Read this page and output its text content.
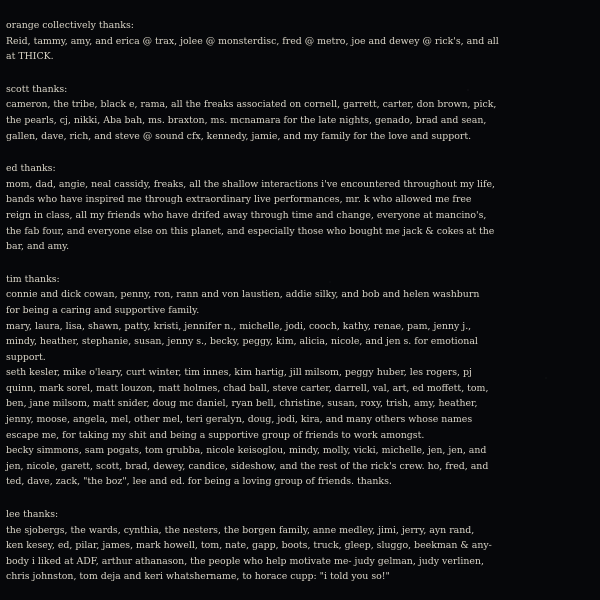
orange collectively thanks:

Reid, tammy, amy, and erica @ trax, jolee @ monsterdisc, fred @ metro, joe and dewey @ rick's, and all

at THICK.

scott thanks:

cameron, the tribe, black e, rama, all the freaks associated on cornell, garrett, carter, don brown, pick,

the pearls, cj, nikki, Aba bah, ms. braxton, ms. mcnamara for the late nights, genado, brad and sean,

gallen, dave, rich, and steve @ sound cfx, kennedy, jamie, and my family for the love and support.

ed thanks:

mom, dad, angie, neal cassidy, freaks, all the shallow interactions i've encountered throughout my life,

bands who have inspired me through extraordinary live performances, mr. k who allowed me free

reign in class, all my friends who have drifed away through time and change, everyone at mancino's,

the fab four, and everyone else on this planet, and especially those who bought me jack & cokes at the

bar, and amy.

tim thanks:

connie and dick cowan, penny, ron, rann and von laustien, addie silky, and bob and helen washburn

for being a caring and supportive family.

mary, laura, lisa, shawn, patty, kristi, jennifer n., michelle, jodi, cooch, kathy, renae, pam, jenny j.,

mindy, heather, stephanie, susan, jenny s., becky, peggy, kim, alicia, nicole, and jen s. for emotional

support.

seth kesler, mike o'leary, curt winter, tim innes, kim hartig, jill milsom, peggy huber, les rogers, pj

quinn, mark sorel, matt louzon, matt holmes, chad ball, steve carter, darrell, val, art, ed moffett, tom,

ben, jane milsom, matt snider, doug mc daniel, ryan bell, christine, susan, roxy, trish, amy, heather,

jenny, moose, angela, mel, other mel, teri geralyn, doug, jodi, kira, and many others whose names

escape me, for taking my shit and being a supportive group of friends to work amongst.

becky simmons, sam pogats, tom grubba, nicole keisoglou, mindy, molly, vicki, michelle, jen, jen, and

jen, nicole, garett, scott, brad, dewey, candice, sideshow, and the rest of the rick's crew. ho, fred, and

ted, dave, zack, "the boz", lee and ed. for being a loving group of friends. thanks.

lee thanks:

the sjobergs, the wards, cynthia, the nesters, the borgen family, anne medley, jimi, jerry, ayn rand,

ken kesey, ed, pilar, james, mark howell, tom, nate, gapp, boots, truck, gleep, sluggo, beekman & any-

body i liked at ADF, arthur athanason, the people who help motivate me- judy gelman, judy verlinen,

chris johnston, tom deja and keri whatshername, to horace cupp: "i told you so!"
